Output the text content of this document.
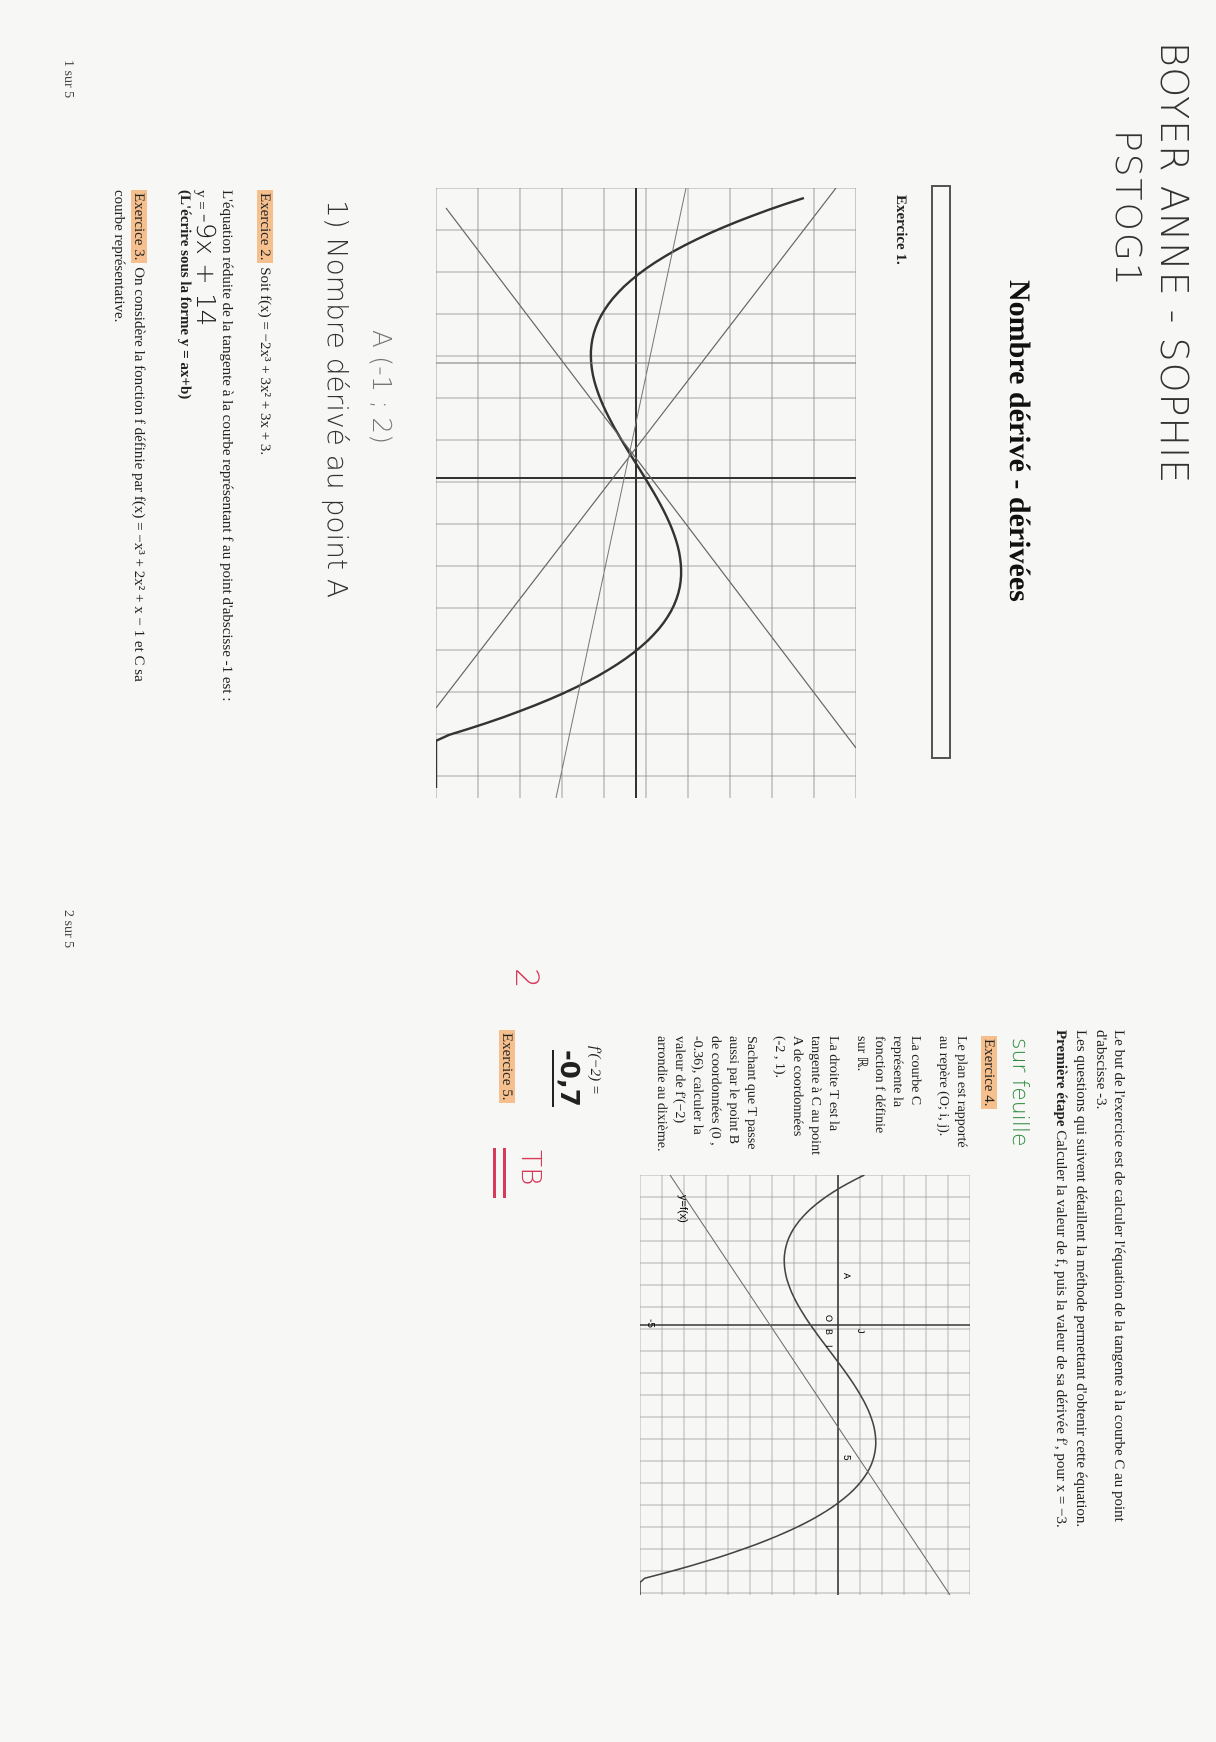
BOYER ANNE - SOPHIE
PSTOG1
Nombre dérivé - dérivées
Exercice 1.
A (-1 ; 2)
1) Nombre dérivé au point A
Exercice 2. Soit f(x) = −2x³ + 3x² + 3x + 3.
L'équation réduite de la tangente à la courbe représentant f au point d'abscisse -1 est :
y = -9x + 14
(L'écrire sous la forme y = ax+b)
Exercice 3. On considère la fonction f définie par f(x) = −x³ + 2x² + x − 1 et C sa
courbe représentative.
1 sur 5
Le but de l'exercice est de calculer l'équation de la tangente à la courbe C au point
d'abscisse -3.
Les questions qui suivent détaillent la méthode permettant d'obtenir cette équation.
Première étape Calculer la valeur de f, puis la valeur de sa dérivée f′, pour x = −3.
sur feuille
Exercice 4.
Le plan est rapporté
au repère (O; i, j).
La courbe C
représente la
fonction f définie
sur ℝ.
La droite T est la
tangente à C au point
A de coordonnées
(-2 , 1).
Sachant que T passe
aussi par le point B
de coordonnées (0 ,
-0.36), calculer la
valeur de f′(−2)
arrondie au dixième.
y=f(x)
5
-5
A
B
O
I
J
f′(−2) =
-0,7
TB
2
Exercice 5.
2 sur 5
